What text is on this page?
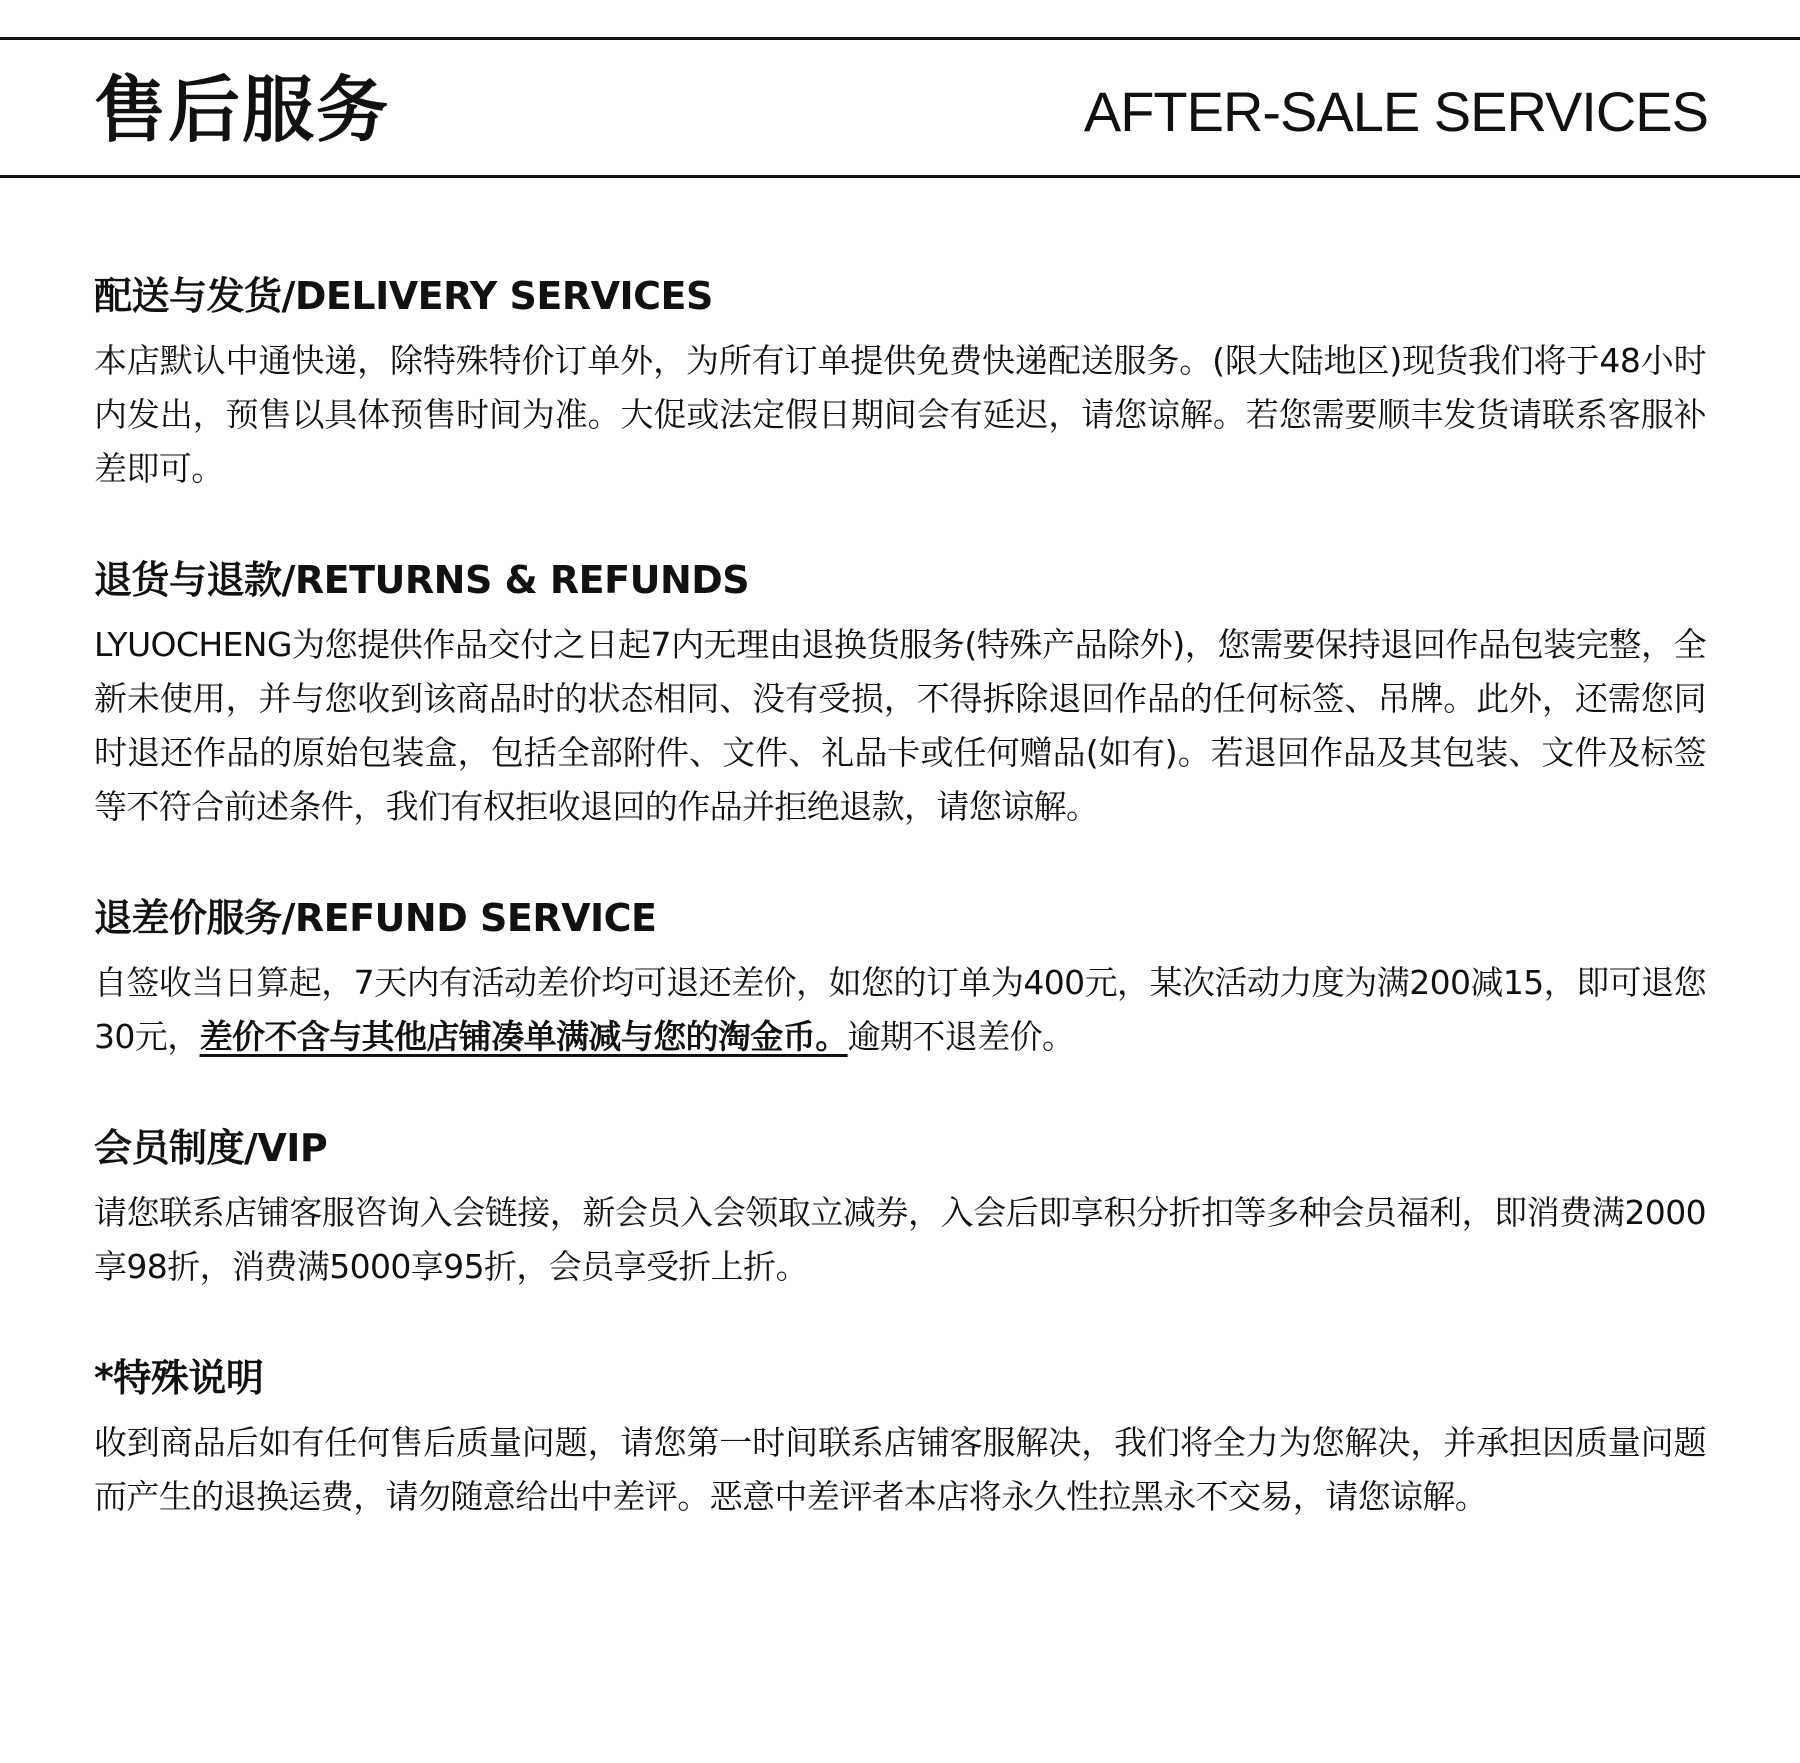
售后服务	AFTER-SALE SERVICES
配送与发货/DELIVERY SERVICES

本店默认中通快递，除特殊特价订单外，为所有订单提供免费快递配送服务。(限大陆地区)现货我们将于48小时内发出，预售以具体预售时间为准。大促或法定假日期间会有延迟，请您谅解。若您需要顺丰发货请联系客服补差即可。

退货与退款/RETURNS & REFUNDS

LYUOCHENG为您提供作品交付之日起7内无理由退换货服务(特殊产品除外)，您需要保持退回作品包装完整，全新未使用，并与您收到该商品时的状态相同、没有受损，不得拆除退回作品的任何标签、吊牌。此外，还需您同时退还作品的原始包装盒，包括全部附件、文件、礼品卡或任何赠品(如有)。若退回作品及其包装、文件及标签等不符合前述条件，我们有权拒收退回的作品并拒绝退款，请您谅解。

退差价服务/REFUND SERVICE

自签收当日算起，7天内有活动差价均可退还差价，如您的订单为400元，某次活动力度为满200减15，即可退您30元，差价不含与其他店铺凑单满减与您的淘金币。逾期不退差价。

会员制度/VIP

请您联系店铺客服咨询入会链接，新会员入会领取立减券，入会后即享积分折扣等多种会员福利，即消费满2000享98折，消费满5000享95折，会员享受折上折。

*特殊说明

收到商品后如有任何售后质量问题，请您第一时间联系店铺客服解决，我们将全力为您解决，并承担因质量问题而产生的退换运费，请勿随意给出中差评。恶意中差评者本店将永久性拉黑永不交易，请您谅解。
